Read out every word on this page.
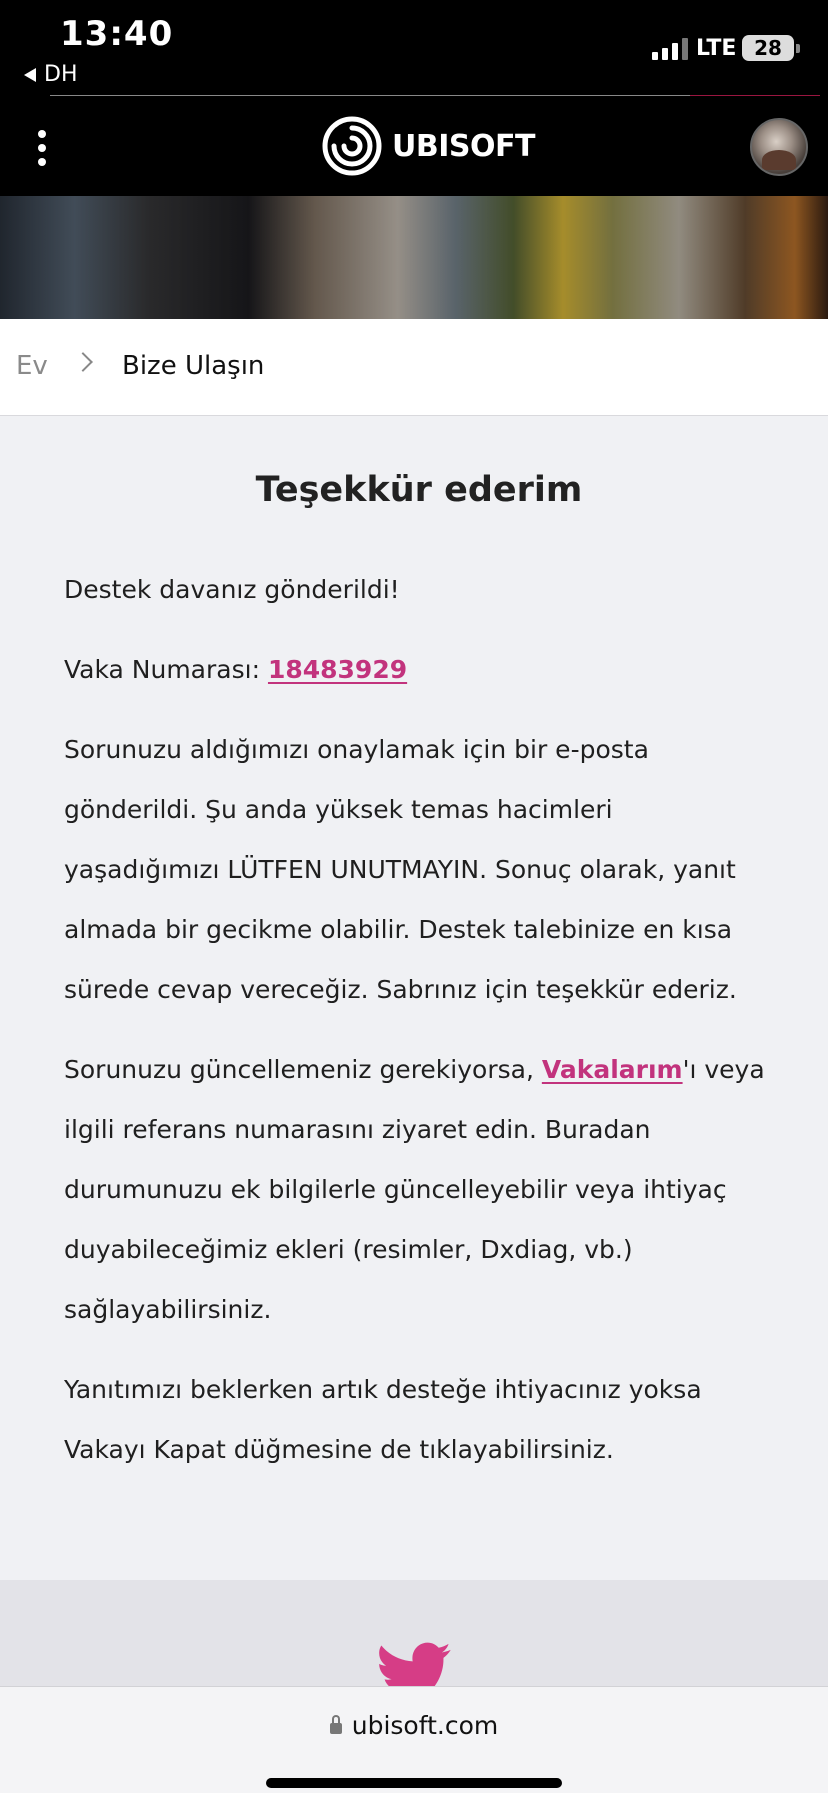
13:40
DH
LTE 28
UBISOFT
Ev	Bize Ulaşın
Teşekkür ederim

Destek davanız gönderildi!

Vaka Numarası: 18483929

Sorunuzu aldığımızı onaylamak için bir e-posta gönderildi. Şu anda yüksek temas hacimleri yaşadığımızı LÜTFEN UNUTMAYIN. Sonuç olarak, yanıt almada bir gecikme olabilir. Destek talebinize en kısa sürede cevap vereceğiz. Sabrınız için teşekkür ederiz.

Sorunuzu güncellemeniz gerekiyorsa, Vakalarım'ı veya ilgili referans numarasını ziyaret edin. Buradan durumunuzu ek bilgilerle güncelleyebilir veya ihtiyaç duyabileceğimiz ekleri (resimler, Dxdiag, vb.) sağlayabilirsiniz.

Yanıtımızı beklerken artık desteğe ihtiyacınız yoksa Vakayı Kapat düğmesine de tıklayabilirsiniz.

ubisoft.com
